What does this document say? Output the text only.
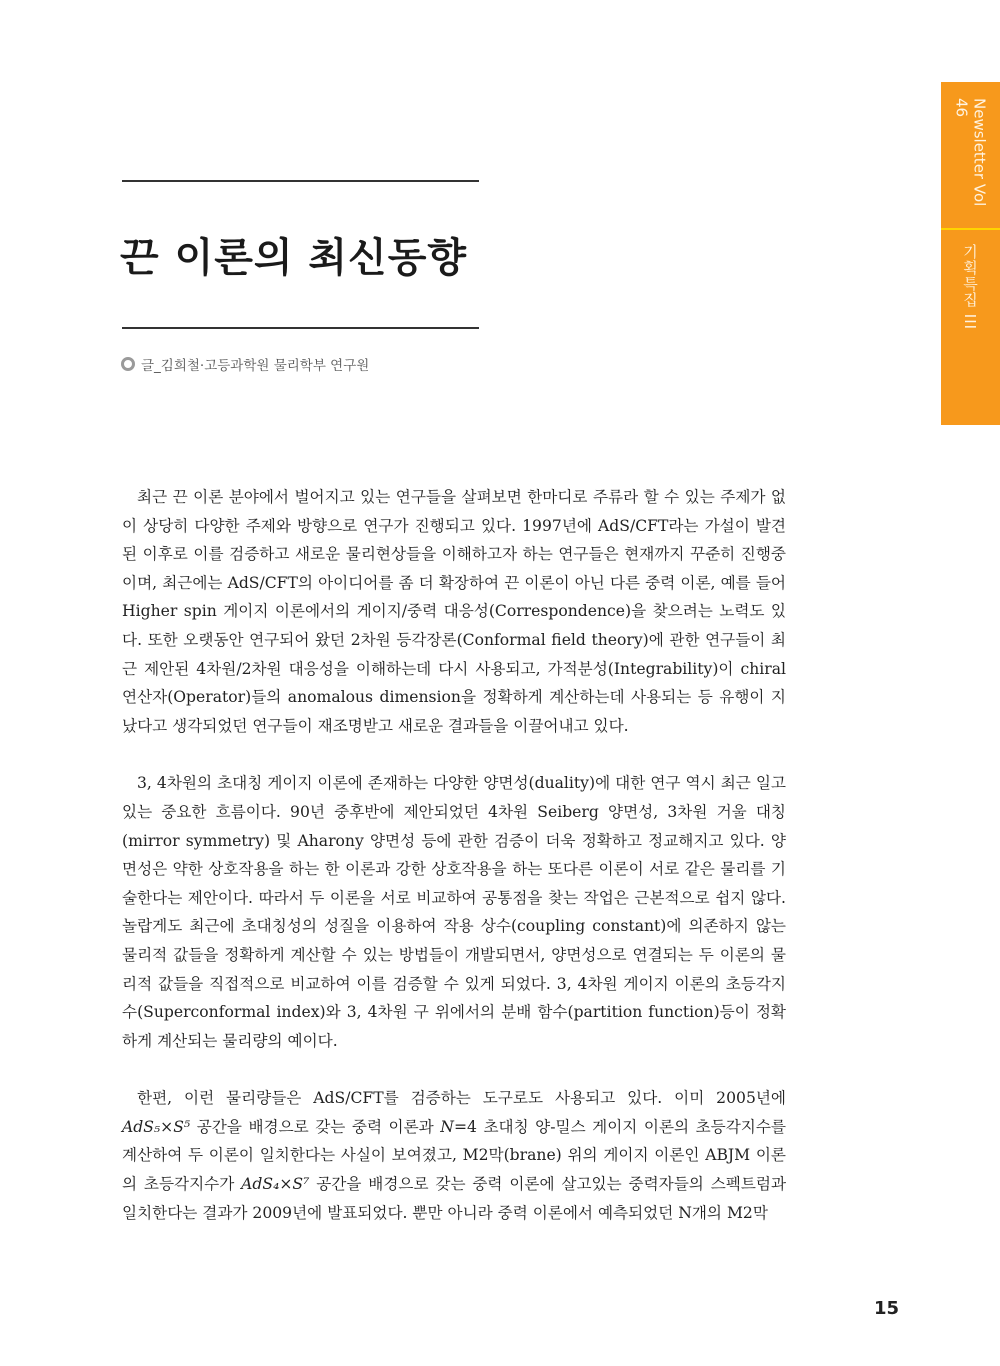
Newsletter Vol 46
기획특집 III
끈 이론의 최신동향
글_김희철·고등과학원 물리학부 연구원

최근 끈 이론 분야에서 벌어지고 있는 연구들을 살펴보면 한마디로 주류라 할 수 있는 주제가 없이 상당히 다양한 주제와 방향으로 연구가 진행되고 있다. 1997년에 AdS/CFT라는 가설이 발견된 이후로 이를 검증하고 새로운 물리현상들을 이해하고자 하는 연구들은 현재까지 꾸준히 진행중이며, 최근에는 AdS/CFT의 아이디어를 좀 더 확장하여 끈 이론이 아닌 다른 중력 이론, 예를 들어 Higher spin 게이지 이론에서의 게이지/중력 대응성(Correspondence)을 찾으려는 노력도 있다. 또한 오랫동안 연구되어 왔던 2차원 등각장론(Conformal field theory)에 관한 연구들이 최근 제안된 4차원/2차원 대응성을 이해하는데 다시 사용되고, 가적분성(Integrability)이 chiral 연산자(Operator)들의 anomalous dimension을 정확하게 계산하는데 사용되는 등 유행이 지났다고 생각되었던 연구들이 재조명받고 새로운 결과들을 이끌어내고 있다.

3, 4차원의 초대칭 게이지 이론에 존재하는 다양한 양면성(duality)에 대한 연구 역시 최근 일고 있는 중요한 흐름이다. 90년 중후반에 제안되었던 4차원 Seiberg 양면성, 3차원 거울 대칭(mirror symmetry) 및 Aharony 양면성 등에 관한 검증이 더욱 정확하고 정교해지고 있다. 양면성은 약한 상호작용을 하는 한 이론과 강한 상호작용을 하는 또다른 이론이 서로 같은 물리를 기술한다는 제안이다. 따라서 두 이론을 서로 비교하여 공통점을 찾는 작업은 근본적으로 쉽지 않다. 놀랍게도 최근에 초대칭성의 성질을 이용하여 작용 상수(coupling constant)에 의존하지 않는 물리적 값들을 정확하게 계산할 수 있는 방법들이 개발되면서, 양면성으로 연결되는 두 이론의 물리적 값들을 직접적으로 비교하여 이를 검증할 수 있게 되었다. 3, 4차원 게이지 이론의 초등각지수(Superconformal index)와 3, 4차원 구 위에서의 분배 함수(partition function)등이 정확하게 계산되는 물리량의 예이다.

한편, 이런 물리량들은 AdS/CFT를 검증하는 도구로도 사용되고 있다. 이미 2005년에 AdS₅×S⁵ 공간을 배경으로 갖는 중력 이론과 N=4 초대칭 양-밀스 게이지 이론의 초등각지수를 계산하여 두 이론이 일치한다는 사실이 보여졌고, M2막(brane) 위의 게이지 이론인 ABJM 이론의 초등각지수가 AdS₄×S⁷ 공간을 배경으로 갖는 중력 이론에 살고있는 중력자들의 스펙트럼과 일치한다는 결과가 2009년에 발표되었다. 뿐만 아니라 중력 이론에서 예측되었던 N개의 M2막

15
